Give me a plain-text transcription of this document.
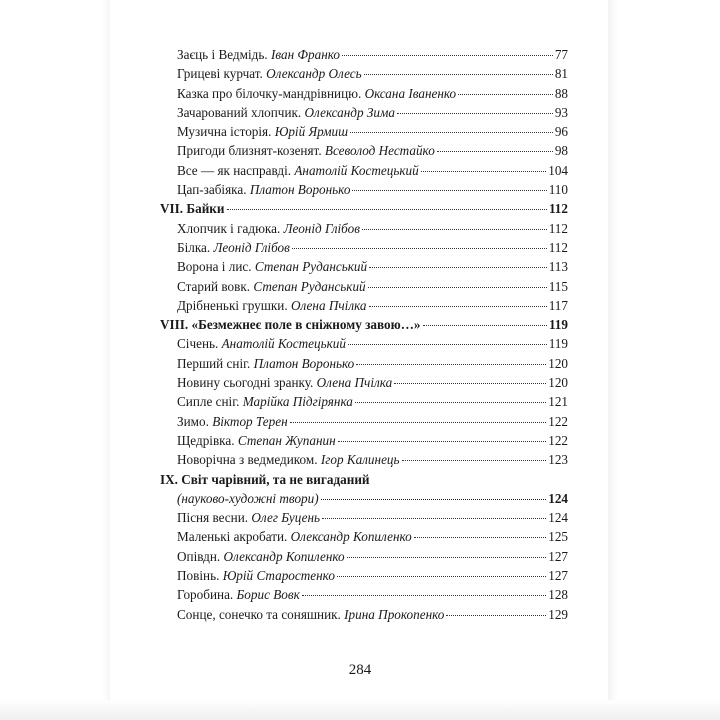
Заєць і Ведмідь. Іван Франко	77
Грицеві курчат. Олександр Олесь	81
Казка про білочку-мандрівницю. Оксана Іваненко	88
Зачарований хлопчик. Олександр Зима	93
Музична історія. Юрій Ярмиш	96
Пригоди близнят-козенят. Всеволод Нестайко	98
Все — як насправді. Анатолій Костецький	104
Цап-забіяка. Платон Воронько	110
VII. Байки	112
Хлопчик і гадюка. Леонід Глібов	112
Білка. Леонід Глібов	112
Ворона і лис. Степан Руданський	113
Старий вовк. Степан Руданський	115
Дрібненькі грушки. Олена Пчілка	117
VIII. «Безмежнеє поле в сніжному завою…»	119
Січень. Анатолій Костецький	119
Перший сніг. Платон Воронько	120
Новину сьогодні зранку. Олена Пчілка	120
Сипле сніг. Марійка Підгірянка	121
Зимо. Віктор Терен	122
Щедрівка. Степан Жупанин	122
Новорічна з ведмедиком. Ігор Калинець	123
IX. Світ чарівний, та не вигаданий
(науково-художні твори)	124
Пісня весни. Олег Буцень	124
Маленькі акробати. Олександр Копиленко	125
Опівдн. Олександр Копиленко	127
Повінь. Юрій Старостенко	127
Горобина. Борис Вовк	128
Сонце, сонечко та соняшник. Ірина Прокопенко	129
284
